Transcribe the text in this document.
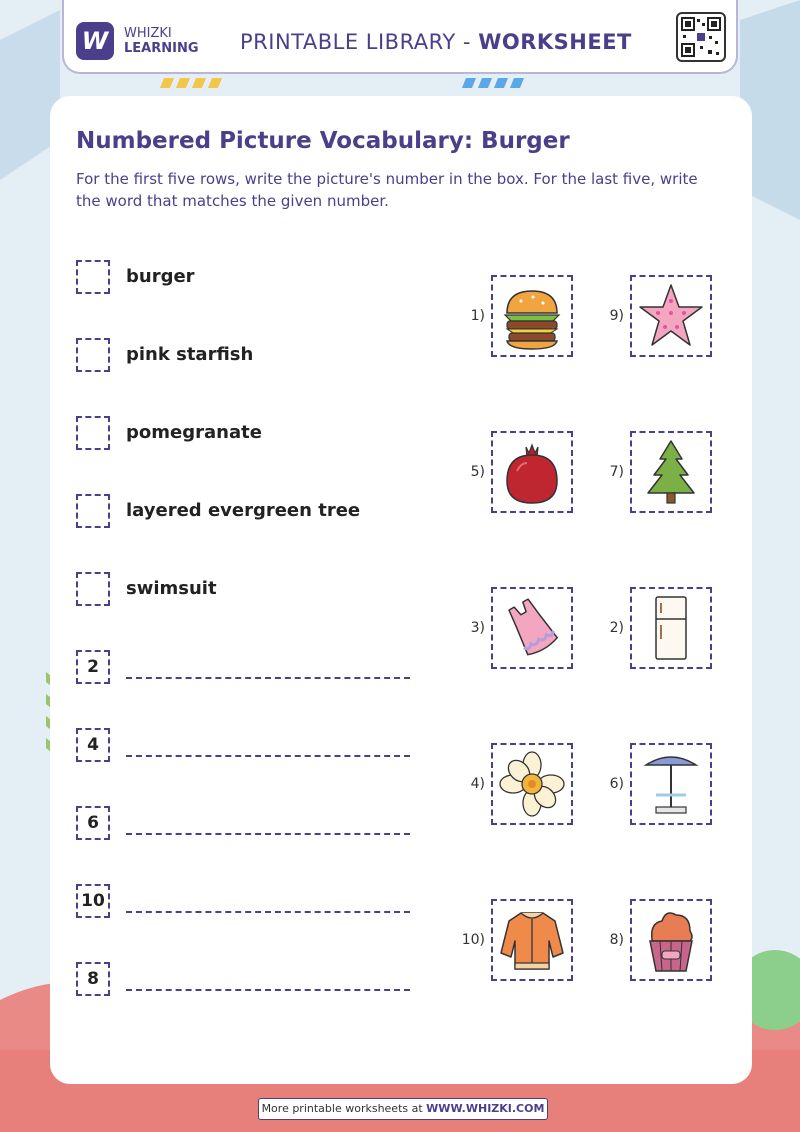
W	WHIZKI
LEARNING PRINTABLE LIBRARY - WORKSHEET
Numbered Picture Vocabulary: Burger
For the first five rows, write the picture's number in the box. For the last five, write the word that matches the given number.
burger
pink starfish
pomegranate
layered evergreen tree
swimsuit
2
4
6
10
8
1)	9)
5)	7)
3)	2)
4)	6)
10)	8)
More printable worksheets at WWW.WHIZKI.COM
